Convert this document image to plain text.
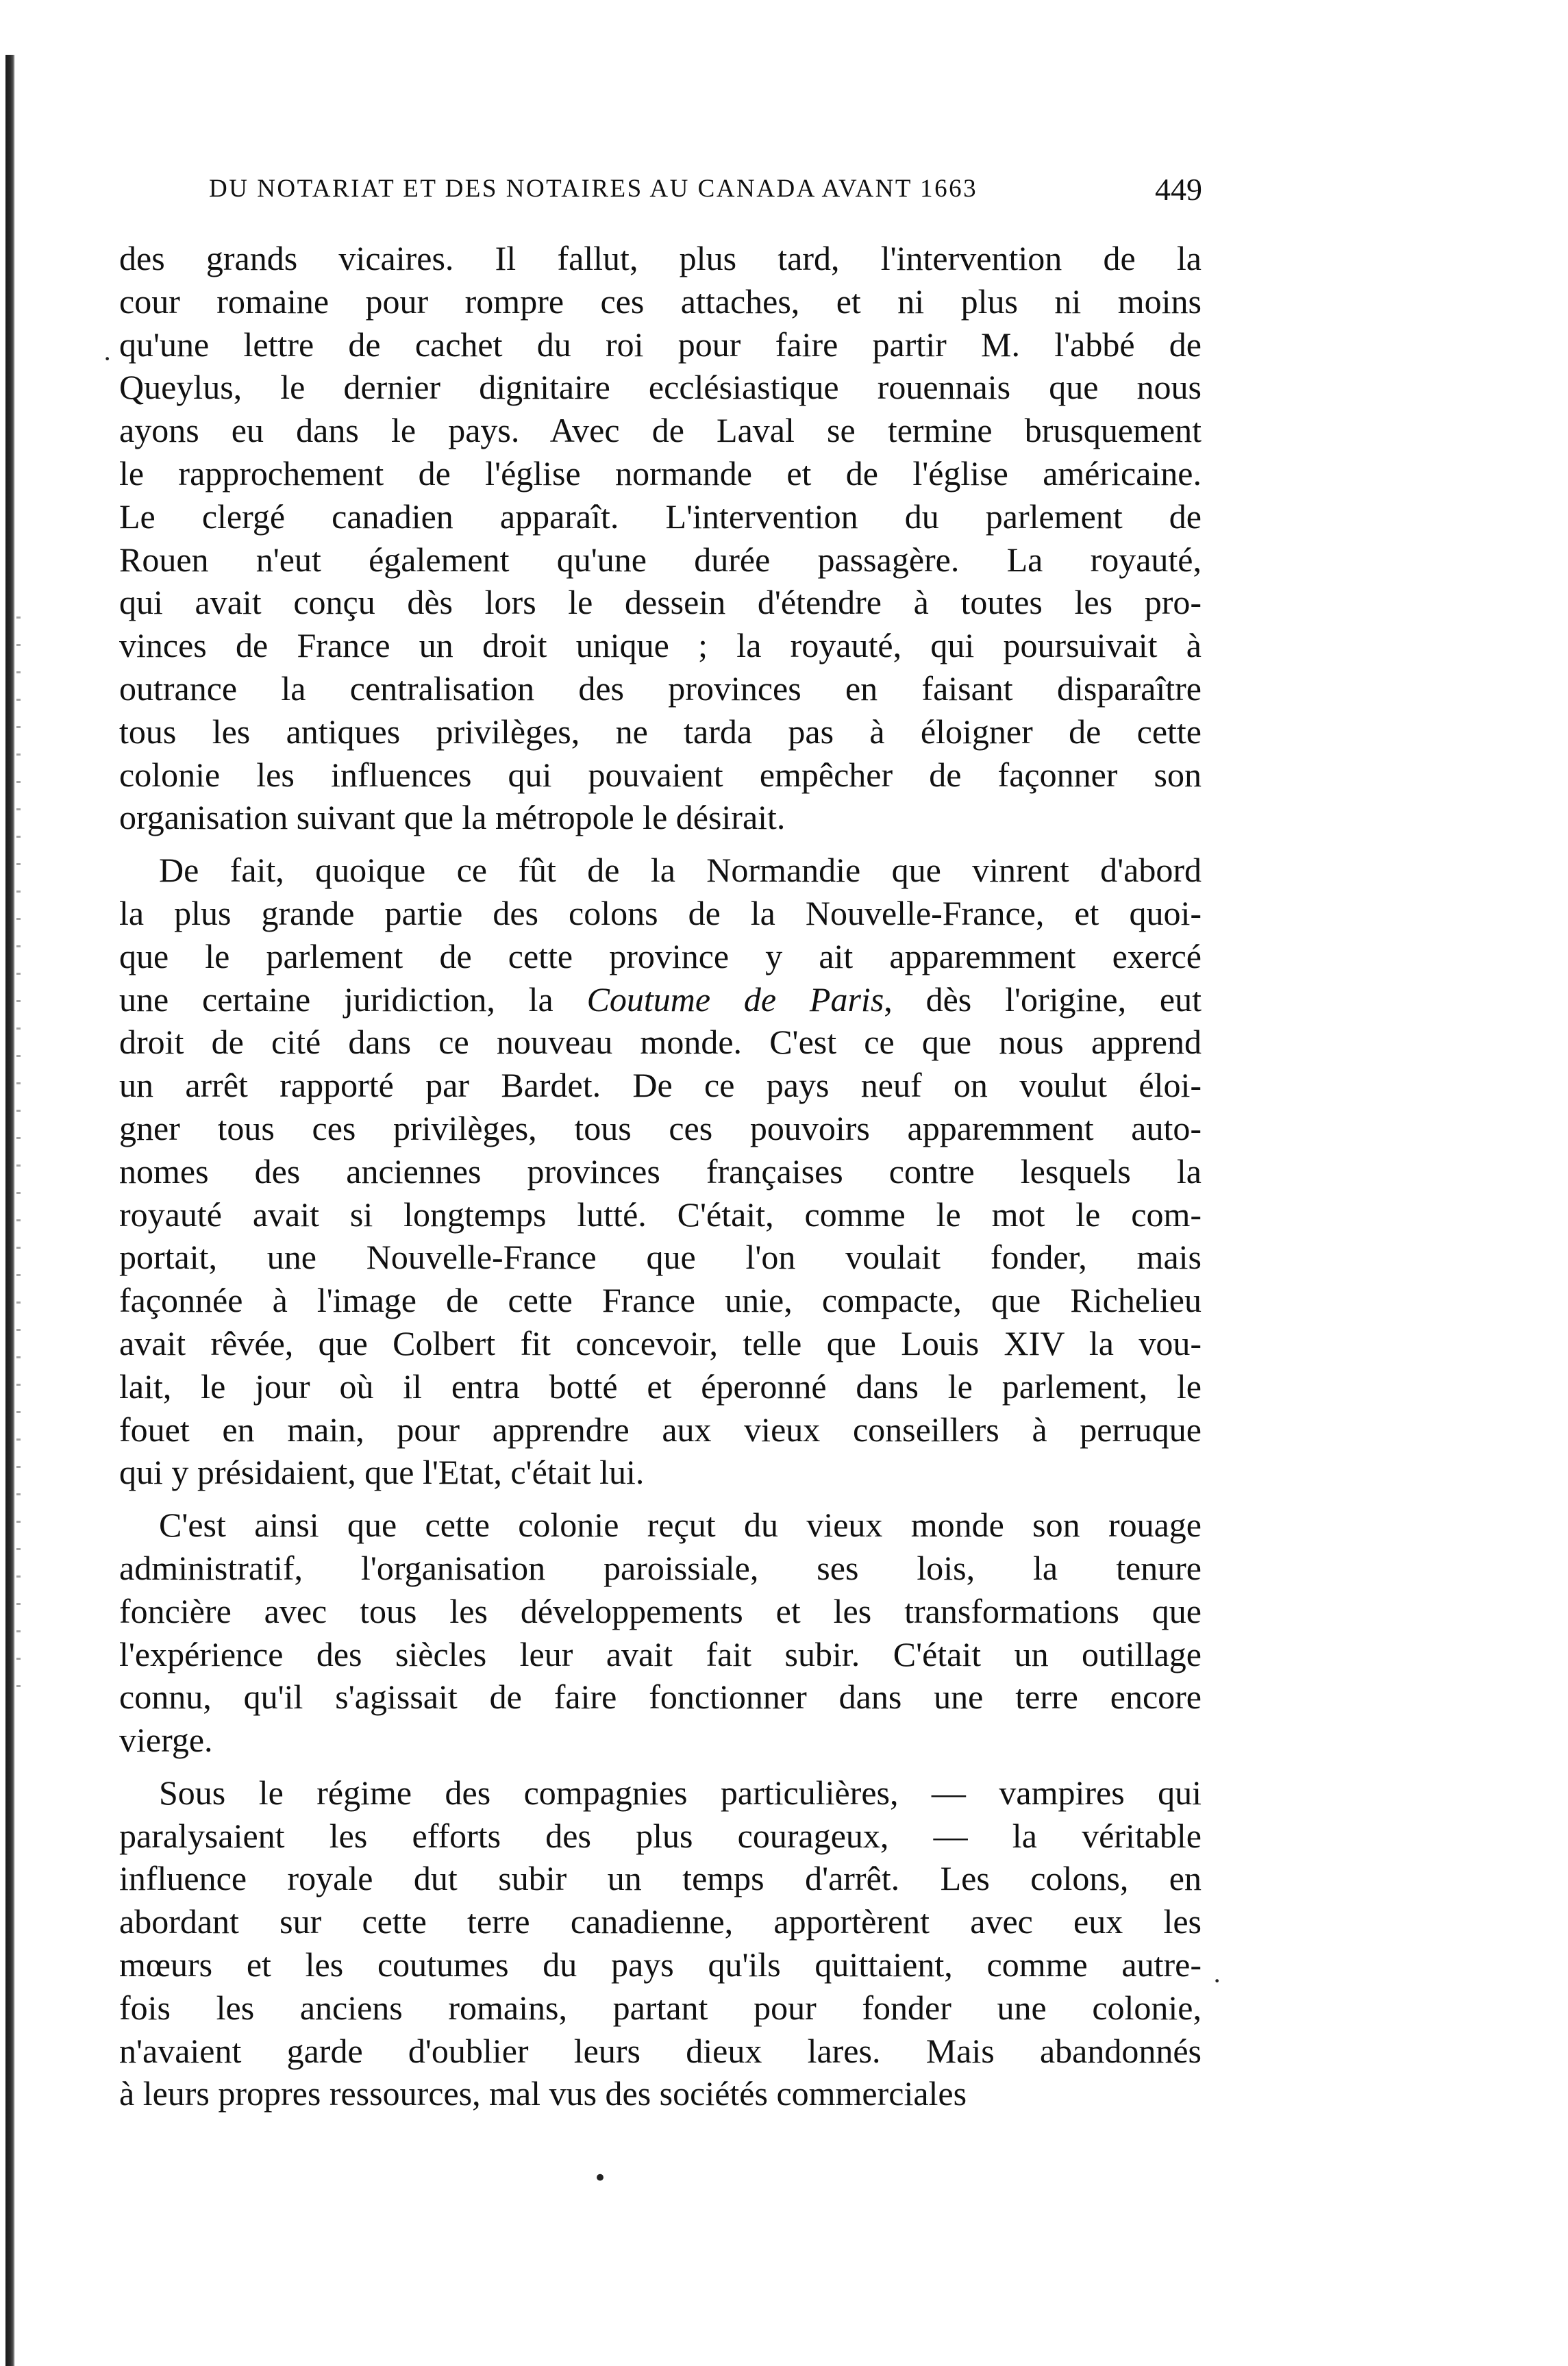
DU NOTARIAT ET DES NOTAIRES AU CANADA AVANT 1663	449
·
·
des grands vicaires. Il fallut, plus tard, l'intervention de la
cour romaine pour rompre ces attaches, et ni plus ni moins
qu'une lettre de cachet du roi pour faire partir M. l'abbé de
Queylus, le dernier dignitaire ecclésiastique rouennais que nous
ayons eu dans le pays. Avec de Laval se termine brusquement
le rapprochement de l'église normande et de l'église américaine.
Le clergé canadien apparaît. L'intervention du parlement de
Rouen n'eut également qu'une durée passagère. La royauté,
qui avait conçu dès lors le dessein d'étendre à toutes les pro-
vinces de France un droit unique ; la royauté, qui poursuivait à
outrance la centralisation des provinces en faisant disparaître
tous les antiques privilèges, ne tarda pas à éloigner de cette
colonie les influences qui pouvaient empêcher de façonner son
organisation suivant que la métropole le désirait.
De fait, quoique ce fût de la Normandie que vinrent d'abord
la plus grande partie des colons de la Nouvelle-France, et quoi-
que le parlement de cette province y ait apparemment exercé
une certaine juridiction, la Coutume de Paris, dès l'origine, eut
droit de cité dans ce nouveau monde. C'est ce que nous apprend
un arrêt rapporté par Bardet. De ce pays neuf on voulut éloi-
gner tous ces privilèges, tous ces pouvoirs apparemment auto-
nomes des anciennes provinces françaises contre lesquels la
royauté avait si longtemps lutté. C'était, comme le mot le com-
portait, une Nouvelle-France que l'on voulait fonder, mais
façonnée à l'image de cette France unie, compacte, que Richelieu
avait rêvée, que Colbert fit concevoir, telle que Louis XIV la vou-
lait, le jour où il entra botté et éperonné dans le parlement, le
fouet en main, pour apprendre aux vieux conseillers à perruque
qui y présidaient, que l'Etat, c'était lui.
C'est ainsi que cette colonie reçut du vieux monde son rouage
administratif, l'organisation paroissiale, ses lois, la tenure
foncière avec tous les développements et les transformations que
l'expérience des siècles leur avait fait subir. C'était un outillage
connu, qu'il s'agissait de faire fonctionner dans une terre encore
vierge.
Sous le régime des compagnies particulières, — vampires qui
paralysaient les efforts des plus courageux, — la véritable
influence royale dut subir un temps d'arrêt. Les colons, en
abordant sur cette terre canadienne, apportèrent avec eux les
mœurs et les coutumes du pays qu'ils quittaient, comme autre-
fois les anciens romains, partant pour fonder une colonie,
n'avaient garde d'oublier leurs dieux lares. Mais abandonnés
à leurs propres ressources, mal vus des sociétés commerciales
•
